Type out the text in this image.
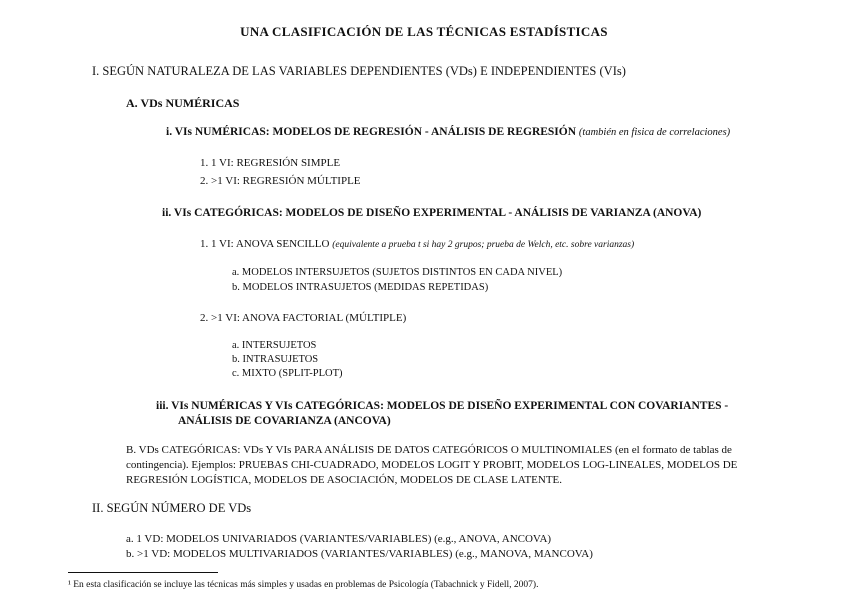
UNA CLASIFICACIÓN DE LAS TÉCNICAS ESTADÍSTICAS
I. SEGÚN NATURALEZA DE LAS VARIABLES DEPENDIENTES (VDs) E INDEPENDIENTES (VIs)
A. VDs NUMÉRICAS
i. VIs NUMÉRICAS: MODELOS DE REGRESIÓN - ANÁLISIS DE REGRESIÓN (también en fisica de correlaciones)
1. 1 VI: REGRESIÓN SIMPLE
2. >1 VI: REGRESIÓN MÚLTIPLE
ii. VIs CATEGÓRICAS: MODELOS DE DISEÑO EXPERIMENTAL - ANÁLISIS DE VARIANZA (ANOVA)
1. 1 VI: ANOVA SENCILLO (equivalente a prueba t si hay 2 grupos; prueba de Welch, etc. sobre varianzas)
a. MODELOS INTERSUJETOS (SUJETOS DISTINTOS EN CADA NIVEL)
b. MODELOS INTRASUJETOS (MEDIDAS REPETIDAS)
2. >1 VI: ANOVA FACTORIAL (MÚLTIPLE)
a. INTERSUJETOS
b. INTRASUJETOS
c. MIXTO (SPLIT-PLOT)
iii. VIs NUMÉRICAS Y VIs CATEGÓRICAS: MODELOS DE DISEÑO EXPERIMENTAL CON COVARIANTES -
ANÁLISIS DE COVARIANZA (ANCOVA)
B. VDs CATEGÓRICAS: VDs Y VIs PARA ANÁLISIS DE DATOS CATEGÓRICOS O MULTINOMIALES (en el formato de tablas de contingencia). Ejemplos: PRUEBAS CHI-CUADRADO, MODELOS LOGIT Y PROBIT, MODELOS LOG-LINEALES, MODELOS DE REGRESIÓN LOGÍSTICA, MODELOS DE ASOCIACIÓN, MODELOS DE CLASE LATENTE.
II. SEGÚN NÚMERO DE VDs
a. 1 VD: MODELOS UNIVARIADOS (VARIANTES/VARIABLES) (e.g., ANOVA, ANCOVA)
b. >1 VD: MODELOS MULTIVARIADOS (VARIANTES/VARIABLES) (e.g., MANOVA, MANCOVA)
¹ En esta clasificación se incluye las técnicas más simples y usadas en problemas de Psicología (Tabachnick y Fidell, 2007).
